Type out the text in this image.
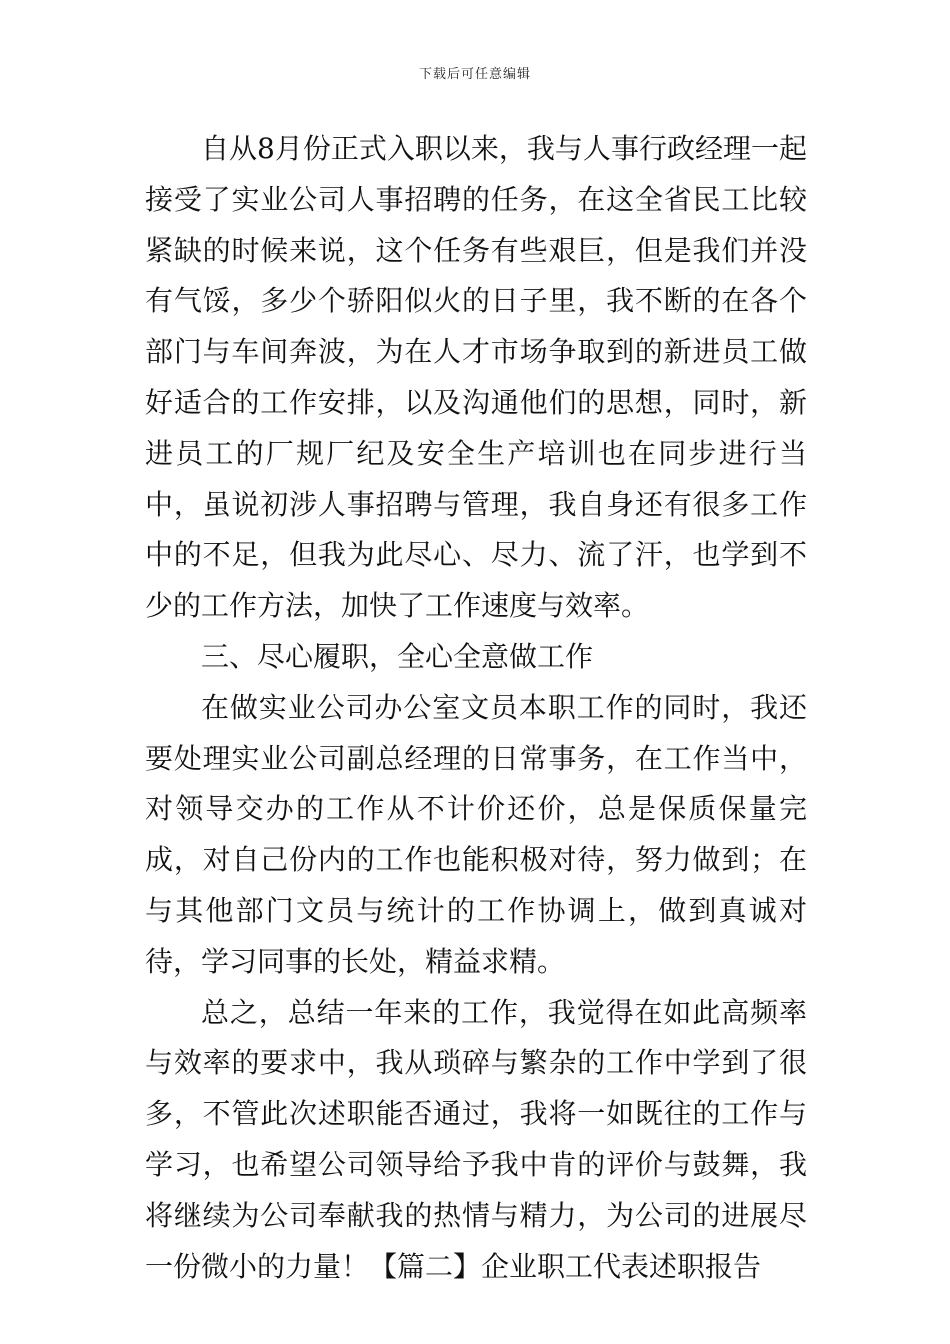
下载后可任意编辑

自从8月份正式入职以来，我与人事行政经理一起接受了实业公司人事招聘的任务，在这全省民工比较紧缺的时候来说，这个任务有些艰巨，但是我们并没有气馁，多少个骄阳似火的日子里，我不断的在各个部门与车间奔波，为在人才市场争取到的新进员工做好适合的工作安排，以及沟通他们的思想，同时，新进员工的厂规厂纪及安全生产培训也在同步进行当中，虽说初涉人事招聘与管理，我自身还有很多工作中的不足，但我为此尽心、尽力、流了汗，也学到不少的工作方法，加快了工作速度与效率。

三、尽心履职，全心全意做工作

在做实业公司办公室文员本职工作的同时，我还要处理实业公司副总经理的日常事务，在工作当中，对领导交办的工作从不计价还价，总是保质保量完成，对自己份内的工作也能积极对待，努力做到；在与其他部门文员与统计的工作协调上，做到真诚对待，学习同事的长处，精益求精。

总之，总结一年来的工作，我觉得在如此高频率与效率的要求中，我从琐碎与繁杂的工作中学到了很多，不管此次述职能否通过，我将一如既往的工作与学习，也希望公司领导给予我中肯的评价与鼓舞，我将继续为公司奉献我的热情与精力，为公司的进展尽一份微小的力量！【篇二】企业职工代表述职报告
